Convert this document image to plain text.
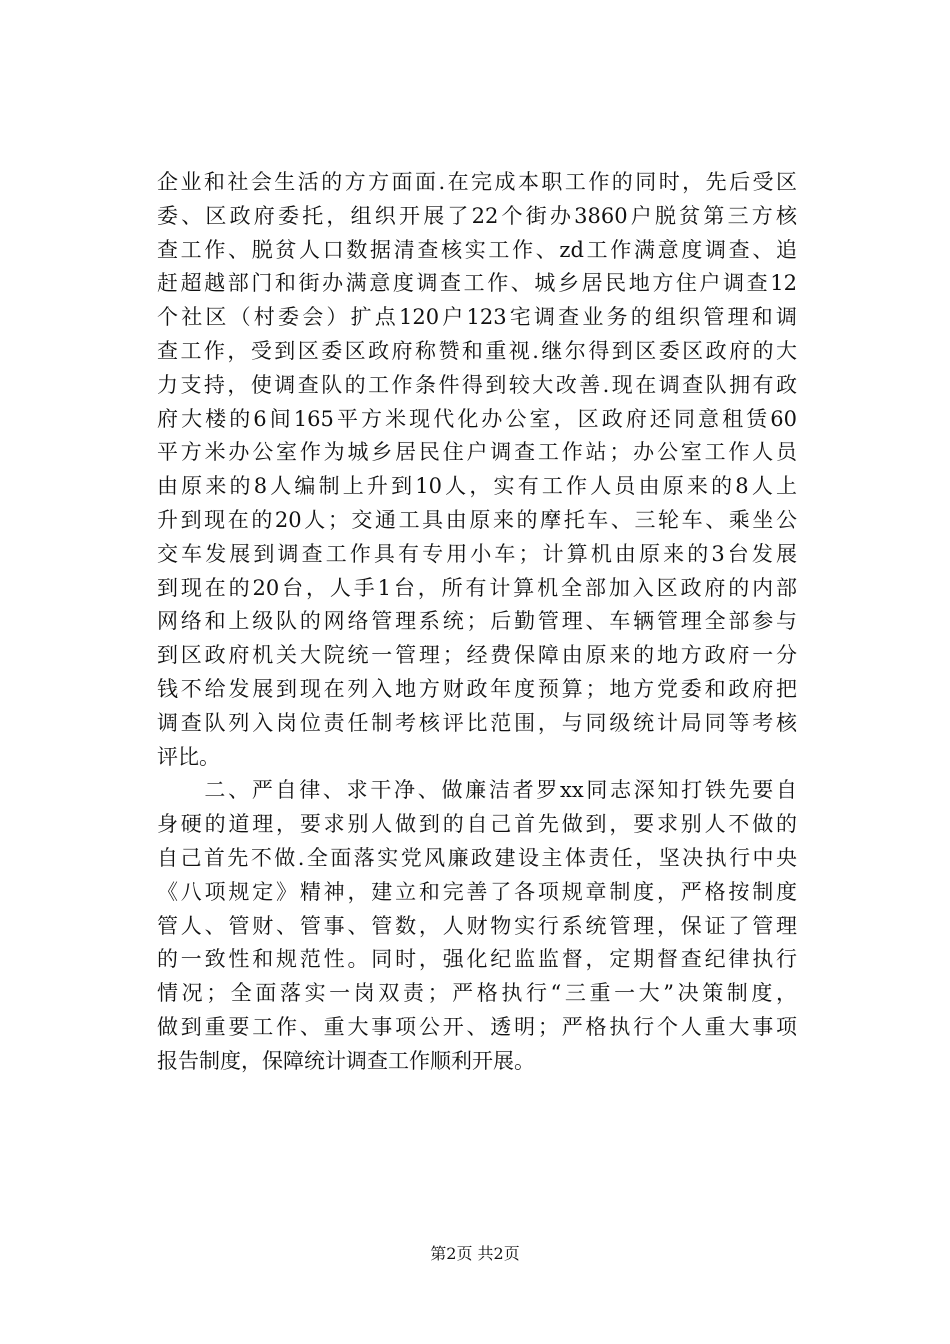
企业和社会生活的方方面面.在完成本职工作的同时，先后受区
委、区政府委托，组织开展了22个街办3860户脱贫第三方核
查工作、脱贫人口数据清查核实工作、zd工作满意度调查、追
赶超越部门和街办满意度调查工作、城乡居民地方住户调查12
个社区（村委会）扩点120户123宅调查业务的组织管理和调
查工作，受到区委区政府称赞和重视.继尔得到区委区政府的大
力支持，使调查队的工作条件得到较大改善.现在调查队拥有政
府大楼的6间165平方米现代化办公室，区政府还同意租赁60
平方米办公室作为城乡居民住户调查工作站；办公室工作人员
由原来的8人编制上升到10人，实有工作人员由原来的8人上
升到现在的20人；交通工具由原来的摩托车、三轮车、乘坐公
交车发展到调查工作具有专用小车；计算机由原来的3台发展
到现在的20台，人手1台，所有计算机全部加入区政府的内部
网络和上级队的网络管理系统；后勤管理、车辆管理全部参与
到区政府机关大院统一管理；经费保障由原来的地方政府一分
钱不给发展到现在列入地方财政年度预算；地方党委和政府把
调查队列入岗位责任制考核评比范围，与同级统计局同等考核
评比。
　　二、严自律、求干净、做廉洁者罗xx同志深知打铁先要自
身硬的道理，要求别人做到的自己首先做到，要求别人不做的
自己首先不做.全面落实党风廉政建设主体责任，坚决执行中央
《八项规定》精神，建立和完善了各项规章制度，严格按制度
管人、管财、管事、管数，人财物实行系统管理，保证了管理
的一致性和规范性。同时，强化纪监监督，定期督查纪律执行
情况；全面落实一岗双责；严格执行“三重一大”决策制度，
做到重要工作、重大事项公开、透明；严格执行个人重大事项
报告制度，保障统计调查工作顺利开展。
第2页 共2页
